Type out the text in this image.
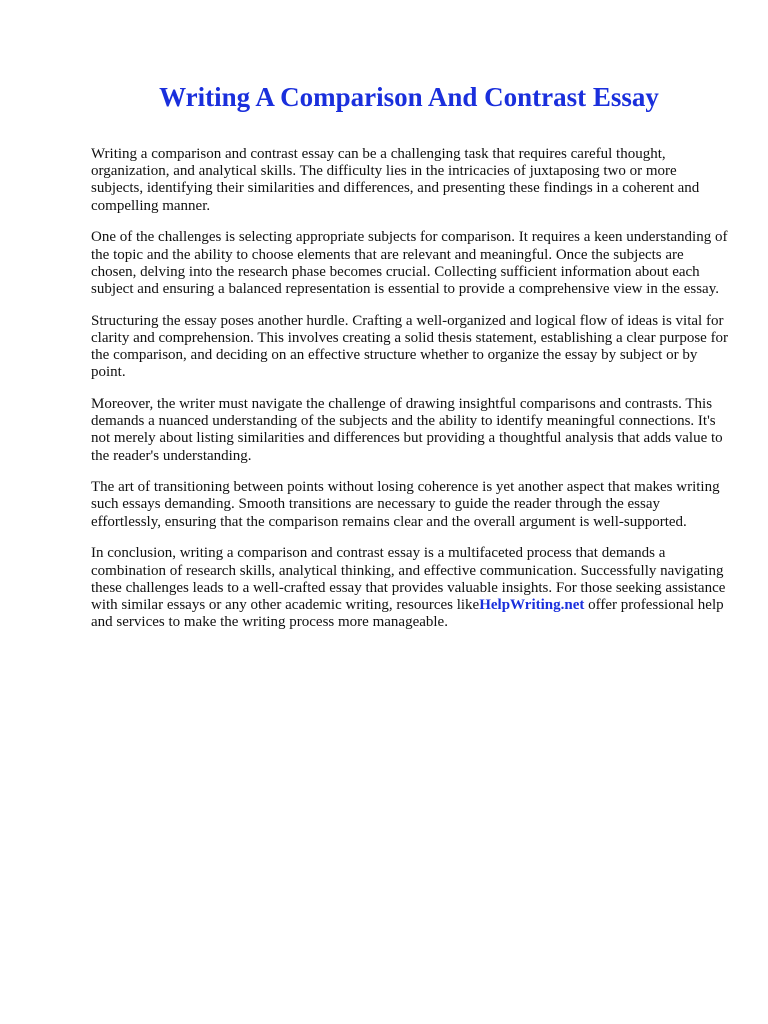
Writing A Comparison And Contrast Essay

Writing a comparison and contrast essay can be a challenging task that requires careful thought, organization, and analytical skills. The difficulty lies in the intricacies of juxtaposing two or more subjects, identifying their similarities and differences, and presenting these findings in a coherent and compelling manner.

One of the challenges is selecting appropriate subjects for comparison. It requires a keen understanding of the topic and the ability to choose elements that are relevant and meaningful. Once the subjects are chosen, delving into the research phase becomes crucial. Collecting sufficient information about each subject and ensuring a balanced representation is essential to provide a comprehensive view in the essay.

Structuring the essay poses another hurdle. Crafting a well-organized and logical flow of ideas is vital for clarity and comprehension. This involves creating a solid thesis statement, establishing a clear purpose for the comparison, and deciding on an effective structure whether to organize the essay by subject or by point.

Moreover, the writer must navigate the challenge of drawing insightful comparisons and contrasts. This demands a nuanced understanding of the subjects and the ability to identify meaningful connections. It's not merely about listing similarities and differences but providing a thoughtful analysis that adds value to the reader's understanding.

The art of transitioning between points without losing coherence is yet another aspect that makes writing such essays demanding. Smooth transitions are necessary to guide the reader through the essay effortlessly, ensuring that the comparison remains clear and the overall argument is well-supported.

In conclusion, writing a comparison and contrast essay is a multifaceted process that demands a combination of research skills, analytical thinking, and effective communication. Successfully navigating these challenges leads to a well-crafted essay that provides valuable insights. For those seeking assistance with similar essays or any other academic writing, resources likeHelpWriting.net offer professional help and services to make the writing process more manageable.
